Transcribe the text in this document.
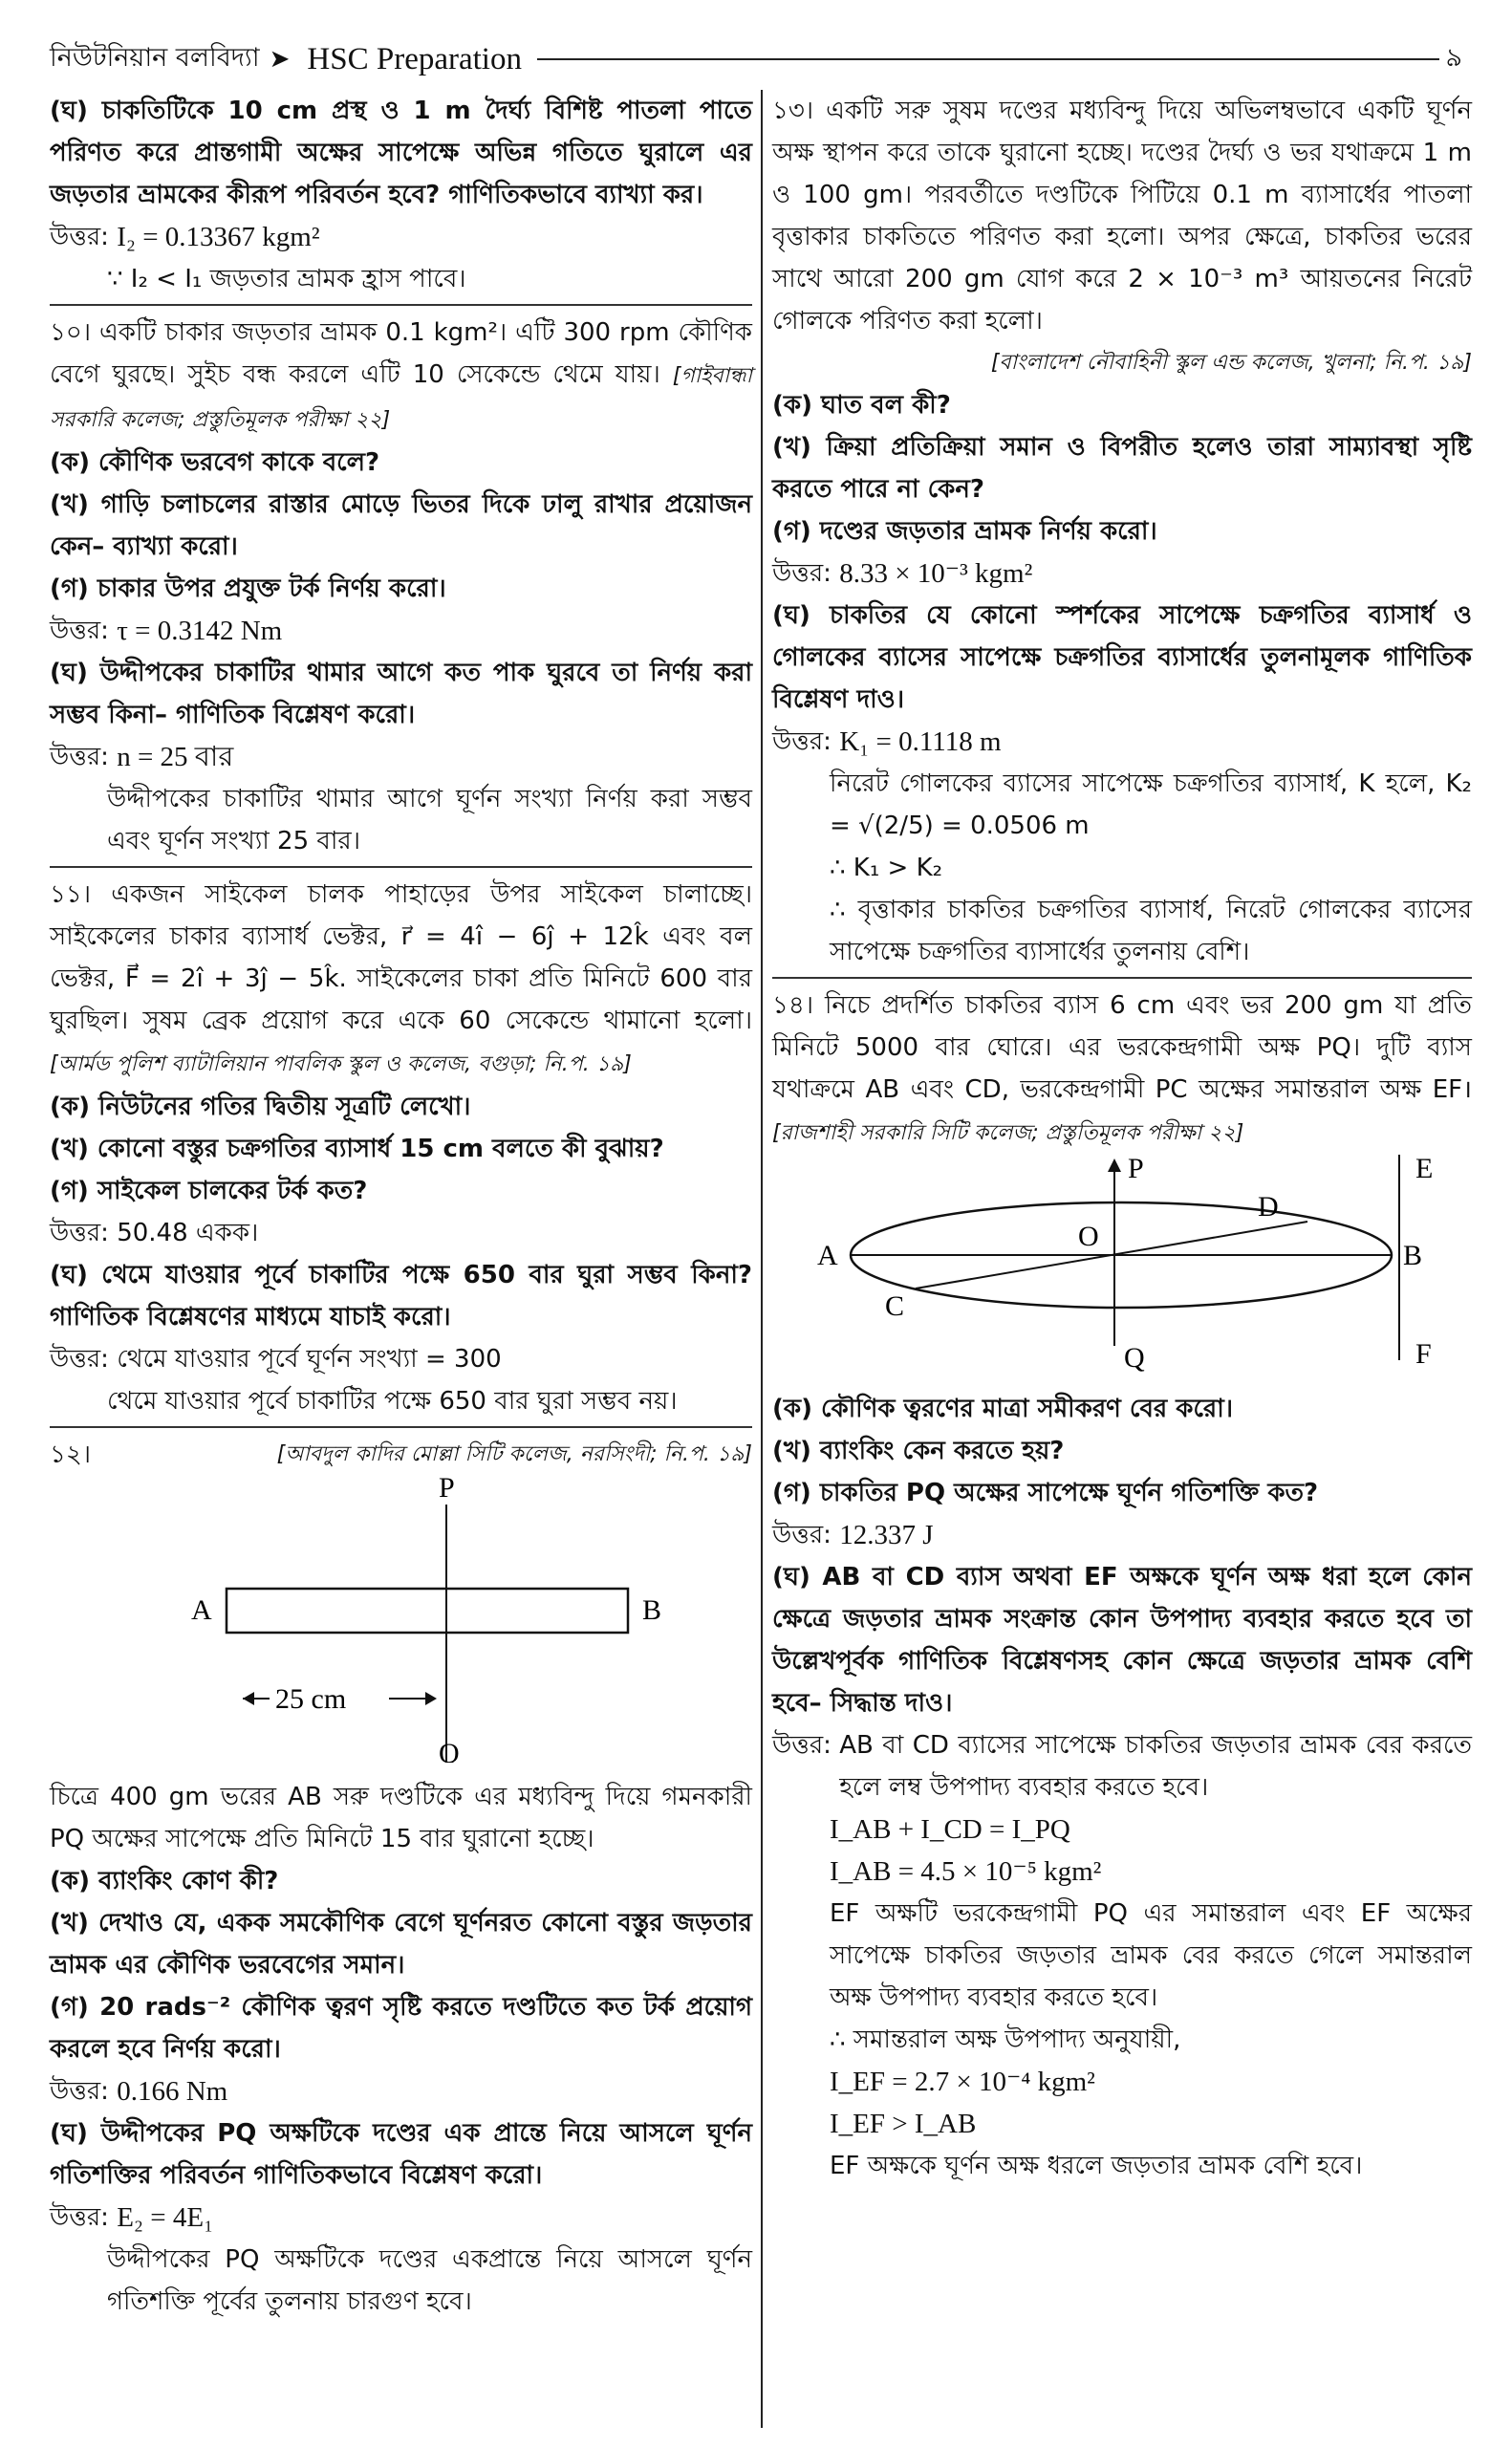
নিউটনিয়ান বলবিদ্যা ➤ HSC Preparation	৯

(ঘ) চাকতিটিকে 10 cm প্রস্থ ও 1 m দৈর্ঘ্য বিশিষ্ট পাতলা পাতে পরিণত করে প্রান্তগামী অক্ষের সাপেক্ষে অভিন্ন গতিতে ঘুরালে এর জড়তার ভ্রামকের কীরূপ পরিবর্তন হবে? গাণিতিকভাবে ব্যাখ্যা কর।

উত্তর:
I₂ = 0.13367 kgm²

∵ I₂ < I₁ জড়তার ভ্রামক হ্রাস পাবে।

১০। একটি চাকার জড়তার ভ্রামক 0.1 kgm²। এটি 300 rpm কৌণিক বেগে ঘুরছে। সুইচ বন্ধ করলে এটি 10 সেকেন্ডে থেমে যায়। [গাইবান্ধা সরকারি কলেজ; প্রস্তুতিমূলক পরীক্ষা ২২]

(ক) কৌণিক ভরবেগ কাকে বলে?

(খ) গাড়ি চলাচলের রাস্তার মোড়ে ভিতর দিকে ঢালু রাখার প্রয়োজন কেন– ব্যাখ্যা করো।

(গ) চাকার উপর প্রযুক্ত টর্ক নির্ণয় করো।

উত্তর:
τ = 0.3142 Nm

(ঘ) উদ্দীপকের চাকাটির থামার আগে কত পাক ঘুরবে তা নির্ণয় করা সম্ভব কিনা– গাণিতিক বিশ্লেষণ করো।

উত্তর:
n = 25 বার

উদ্দীপকের চাকাটির থামার আগে ঘূর্ণন সংখ্যা নির্ণয় করা সম্ভব এবং ঘূর্ণন সংখ্যা 25 বার।

১১। একজন সাইকেল চালক পাহাড়ের উপর সাইকেল চালাচ্ছে। সাইকেলের চাকার ব্যাসার্ধ ভেক্টর, r⃗ = 4î − 6ĵ + 12k̂ এবং বল ভেক্টর, F⃗ = 2î + 3ĵ − 5k̂. সাইকেলের চাকা প্রতি মিনিটে 600 বার ঘুরছিল। সুষম ব্রেক প্রয়োগ করে একে 60 সেকেন্ডে থামানো হলো। [আর্মড পুলিশ ব্যাটালিয়ান পাবলিক স্কুল ও কলেজ, বগুড়া; নি.প. ১৯]

(ক) নিউটনের গতির দ্বিতীয় সূত্রটি লেখো।

(খ) কোনো বস্তুর চক্রগতির ব্যাসার্ধ 15 cm বলতে কী বুঝায়?

(গ) সাইকেল চালকের টর্ক কত?

উত্তর:
50.48 একক।

(ঘ) থেমে যাওয়ার পূর্বে চাকাটির পক্ষে 650 বার ঘুরা সম্ভব কিনা? গাণিতিক বিশ্লেষণের মাধ্যমে যাচাই করো।

উত্তর:
থেমে যাওয়ার পূর্বে ঘূর্ণন সংখ্যা = 300

থেমে যাওয়ার পূর্বে চাকাটির পক্ষে 650 বার ঘুরা সম্ভব নয়।

১২।	[আবদুল কাদির মোল্লা সিটি কলেজ, নরসিংদী; নি.প. ১৯]
P
Q
A	B
25 cm

চিত্রে 400 gm ভরের AB সরু দণ্ডটিকে এর মধ্যবিন্দু দিয়ে গমনকারী PQ অক্ষের সাপেক্ষে প্রতি মিনিটে 15 বার ঘুরানো হচ্ছে।

(ক) ব্যাংকিং কোণ কী?

(খ) দেখাও যে, একক সমকৌণিক বেগে ঘূর্ণনরত কোনো বস্তুর জড়তার ভ্রামক এর কৌণিক ভরবেগের সমান।

(গ) 20 rads⁻² কৌণিক ত্বরণ সৃষ্টি করতে দণ্ডটিতে কত টর্ক প্রয়োগ করলে হবে নির্ণয় করো।

উত্তর:
0.166 Nm

(ঘ) উদ্দীপকের PQ অক্ষটিকে দণ্ডের এক প্রান্তে নিয়ে আসলে ঘূর্ণন গতিশক্তির পরিবর্তন গাণিতিকভাবে বিশ্লেষণ করো।

উত্তর:
E₂ = 4E₁

উদ্দীপকের PQ অক্ষটিকে দণ্ডের একপ্রান্তে নিয়ে আসলে ঘূর্ণন গতিশক্তি পূর্বের তুলনায় চারগুণ হবে।

১৩। একটি সরু সুষম দণ্ডের মধ্যবিন্দু দিয়ে অভিলম্বভাবে একটি ঘূর্ণন অক্ষ স্থাপন করে তাকে ঘুরানো হচ্ছে। দণ্ডের দৈর্ঘ্য ও ভর যথাক্রমে 1 m ও 100 gm। পরবর্তীতে দণ্ডটিকে পিটিয়ে 0.1 m ব্যাসার্ধের পাতলা বৃত্তাকার চাকতিতে পরিণত করা হলো। অপর ক্ষেত্রে, চাকতির ভরের সাথে আরো 200 gm যোগ করে 2 × 10⁻³ m³ আয়তনের নিরেট গোলকে পরিণত করা হলো।

[বাংলাদেশ নৌবাহিনী স্কুল এন্ড কলেজ, খুলনা; নি.প. ১৯]

(ক) ঘাত বল কী?

(খ) ক্রিয়া প্রতিক্রিয়া সমান ও বিপরীত হলেও তারা সাম্যাবস্থা সৃষ্টি করতে পারে না কেন?

(গ) দণ্ডের জড়তার ভ্রামক নির্ণয় করো।

উত্তর:
8.33 × 10⁻³ kgm²

(ঘ) চাকতির যে কোনো স্পর্শকের সাপেক্ষে চক্রগতির ব্যাসার্ধ ও গোলকের ব্যাসের সাপেক্ষে চক্রগতির ব্যাসার্ধের তুলনামূলক গাণিতিক বিশ্লেষণ দাও।

উত্তর:
K₁ = 0.1118 m

নিরেট গোলকের ব্যাসের সাপেক্ষে চক্রগতির ব্যাসার্ধ, K হলে, K₂ = √(2/5) = 0.0506 m

∴ K₁ > K₂

∴ বৃত্তাকার চাকতির চক্রগতির ব্যাসার্ধ, নিরেট গোলকের ব্যাসের সাপেক্ষে চক্রগতির ব্যাসার্ধের তুলনায় বেশি।

১৪। নিচে প্রদর্শিত চাকতির ব্যাস 6 cm এবং ভর 200 gm যা প্রতি মিনিটে 5000 বার ঘোরে। এর ভরকেন্দ্রগামী অক্ষ PQ। দুটি ব্যাস যথাক্রমে AB এবং CD, ভরকেন্দ্রগামী PC অক্ষের সমান্তরাল অক্ষ EF। [রাজশাহী সরকারি সিটি কলেজ; প্রস্তুতিমূলক পরীক্ষা ২২]

P
Q
A	B
C
D
E
F
O

(ক) কৌণিক ত্বরণের মাত্রা সমীকরণ বের করো।

(খ) ব্যাংকিং কেন করতে হয়?

(গ) চাকতির PQ অক্ষের সাপেক্ষে ঘূর্ণন গতিশক্তি কত?

উত্তর:
12.337 J

(ঘ) AB বা CD ব্যাস অথবা EF অক্ষকে ঘূর্ণন অক্ষ ধরা হলে কোন ক্ষেত্রে জড়তার ভ্রামক সংক্রান্ত কোন উপপাদ্য ব্যবহার করতে হবে তা উল্লেখপূর্বক গাণিতিক বিশ্লেষণসহ কোন ক্ষেত্রে জড়তার ভ্রামক বেশি হবে– সিদ্ধান্ত দাও।

উত্তর:
AB বা CD ব্যাসের সাপেক্ষে চাকতির জড়তার ভ্রামক বের করতে হলে লম্ব উপপাদ্য ব্যবহার করতে হবে।

I_AB + I_CD = I_PQ

I_AB = 4.5 × 10⁻⁵ kgm²

EF অক্ষটি ভরকেন্দ্রগামী PQ এর সমান্তরাল এবং EF অক্ষের সাপেক্ষে চাকতির জড়তার ভ্রামক বের করতে গেলে সমান্তরাল অক্ষ উপপাদ্য ব্যবহার করতে হবে।

∴ সমান্তরাল অক্ষ উপপাদ্য অনুযায়ী,

I_EF = 2.7 × 10⁻⁴ kgm²

I_EF > I_AB

EF অক্ষকে ঘূর্ণন অক্ষ ধরলে জড়তার ভ্রামক বেশি হবে।
